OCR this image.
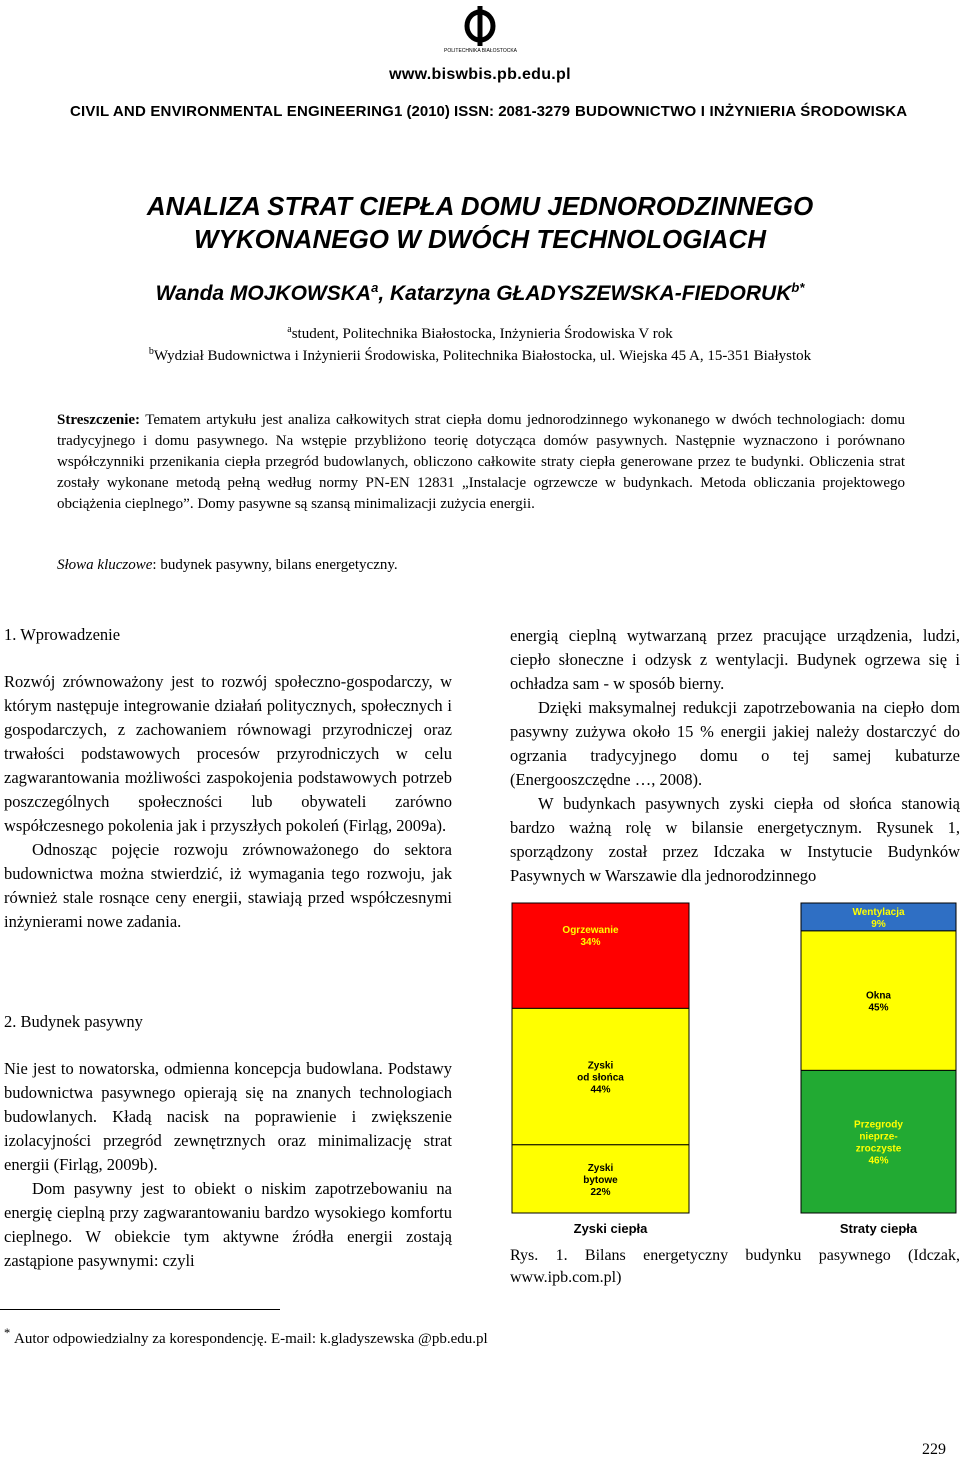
POLITECHNIKA BIAŁOSTOCKA
www.biswbis.pb.edu.pl
CIVIL AND ENVIRONMENTAL ENGINEERING 1 (2010) ISSN: 2081-3279 BUDOWNICTWO I INŻYNIERIA ŚRODOWISKA
ANALIZA STRAT CIEPŁA DOMU JEDNORODZINNEGO
WYKONANEGO W DWÓCH TECHNOLOGIACH
Wanda MOJKOWSKA$^a$, Katarzyna GŁADYSZEWSKA-$FIEDORUK^{b*}$
$^a$student, Politechnika Białostocka, Inżynieria Środowiska V rok
$^b$Wydział Budownictwa i Inżynierii Środowiska, Politechnika Białostocka, ul. Wiejska 45 A, 15-351 Białystok
Streszczenie: Tematem artykułu jest analiza całkowitych strat ciepła domu jednorodzinnego wykonanego w dwóch technologiach: domu tradycyjnego i domu pasywnego. Na wstępie przybliżono teorię dotycząca domów pasywnych. Następnie wyznaczono i porównano współczynniki przenikania ciepła przegród budowlanych, obliczono całkowite straty ciepła generowane przez te budynki. Obliczenia strat zostały wykonane metodą pełną według normy PN-EN 12831 „Instalacje ogrzewcze w budynkach. Metoda obliczania projektowego obciążenia cieplnego”. Domy pasywne są szansą minimalizacji zużycia energii.
Słowa kluczowe: budynek pasywny, bilans energetyczny.
1. Wprowadzenie

Rozwój zrównoważony jest to rozwój społeczno-gospodarczy, w którym następuje integrowanie działań politycznych, społecznych i gospodarczych, z zachowaniem równowagi przyrodniczej oraz trwałości podstawowych procesów przyrodniczych w celu zagwarantowania możliwości zaspokojenia podstawowych potrzeb poszczególnych społeczności lub obywateli zarówno współczesnego pokolenia jak i przyszłych pokoleń (Firląg, 2009a).

Odnosząc pojęcie rozwoju zrównoważonego do sektora budownictwa można stwierdzić, iż wymagania tego rozwoju, jak również stale rosnące ceny energii, stawiają przed współczesnymi inżynierami nowe zadania.

2. Budynek pasywny

Nie jest to nowatorska, odmienna koncepcja budowlana. Podstawy budownictwa pasywnego opierają się na znanych technologiach budowlanych. Kładą nacisk na poprawienie i zwiększenie izolacyjności przegród zewnętrznych oraz minimalizację strat energii (Firląg, 2009b).

Dom pasywny jest to obiekt o niskim zapotrzebowaniu na energię cieplną przy zagwarantowaniu bardzo wysokiego komfortu cieplnego. W obiekcie tym aktywne źródła energii zostają zastąpione pasywnymi: czyli

energią cieplną wytwarzaną przez pracujące urządzenia, ludzi, ciepło słoneczne i odzysk z wentylacji. Budynek ogrzewa się i ochładza sam - w sposób bierny.

Dzięki maksymalnej redukcji zapotrzebowania na ciepło dom pasywny zużywa około 15 % energii jakiej należy dostarczyć do ogrzania tradycyjnego domu o tej samej kubaturze (Energooszczędne …, 2008).

W budynkach pasywnych zyski ciepła od słońca stanowią bardzo ważną rolę w bilansie energetycznym. Rysunek 1, sporządzony został przez Idczaka w Instytucie Budynków Pasywnych w Warszawie dla jednorodzinnego

Ogrzewanie
34%
Zyski
od słońca
44%
Zyski
bytowe
22%
Zyski ciepła
Wentylacja
9%
Okna
45%
Przegrody
nieprze-
zroczyste
46%
Straty ciepła
Rys. 1. Bilans energetyczny budynku pasywnego (Idczak, www.ipb.com.pl)
* Autor odpowiedzialny za korespondencję. E-mail: k.gladyszewska @pb.edu.pl
229
